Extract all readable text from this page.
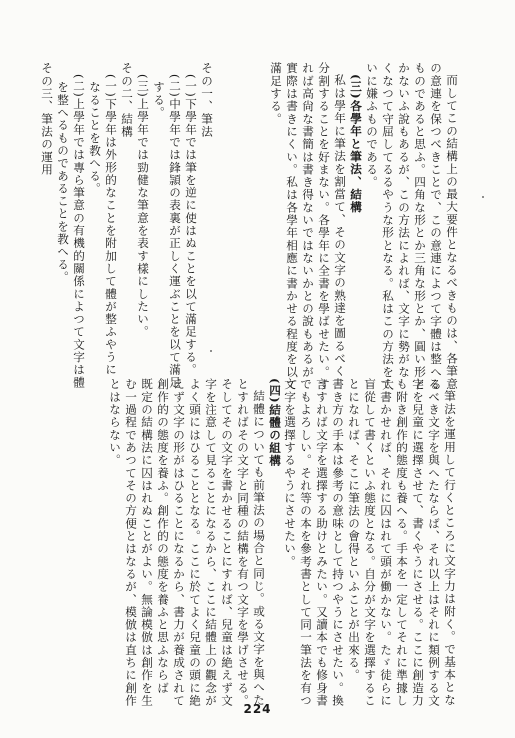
而してこの結構上の最大要件となるべきものは、各筆意
の意連を保つべきことで、この意連によつて字體は整へる
ものであると思ふ。四角な形とか三角な形とか、圓い形と
かないふ說もあるが、この方法によれば、文字に勢がな
くなつて守屈してるるやうな形となる。私はこの方法を大
いに嫌ふものである。
(三)各學年と筆法、結構
私は學年に筆法を割當て、その文字の熟達を圖るべく
分割することを好まない。各學年に全書を學ばせたい。す
れば高尙な書簡は書き得ないではないかとの說もあるが
實際は書きにくい。私は各學年相應に書かせる程度を以て
滿足する。
その一、筆法
(一)下學年では筆を逆に使はぬことを以て滿足する。
(二)中學年では鋒頴の表裏が正しく運ぶことを以て滿足
する。
(三)上學年では勁健な筆意を表す樣にしたい。
その二、結構
(一)下學年は外形的なことを附加して體が整ふやうに
なることを教へる。
(二)上學年では專ら筆意の有機的關係によつて文字は體
を整へるものであることを教へる。
その三、筆法の運用
筆法を運用して行くところに文字力は附く。で基本とな
るべき文字を與へたならば、それ以上はそれに類例する文
字を兒童に選擇させて、書くやうにさせる。ここに創造力
も附き創作的態度も養へる。手本を一定してそれに準據し
て書かせれば、それに囚はれて頭が働かない。たゞ徒らに
盲從して書くといふ態度となる。自分が文字を選擇するこ
とになれば、そこに筆法の會得といふことが出來る。
書き方の手本は參考の意味として持つやうにさせたい。換
言すれば文字を選擇する助けとみたい。又讀本でも修身書
でもよろしい。それ等の本を參考書として同一筆法を有つ
文字を選擇するやうにさせたい。
(四)結體の組構
結體についても前筆法の場合と同じ。或る文字を與へた
とすればその文字と同種の結構を有つ文字を學げさせる。
そしてその文字を書かせることにすれば、兒童は絶えず文
字を注意して見ることになるから、ここに結體上の觀念が
よく頭にはひることとなる。ここに於てよく兒童の頭に絶
えず文字の形がはひることになるから、書力が養成されて
創作的の態度を養ふ。創作的の態度を養ふと思ふならば
既定の結構法に囚はれぬことがよい。無論模倣は創作を生
む一過程であつてその方便とはなるが、模倣は直ちに創作
とはならない。
224
